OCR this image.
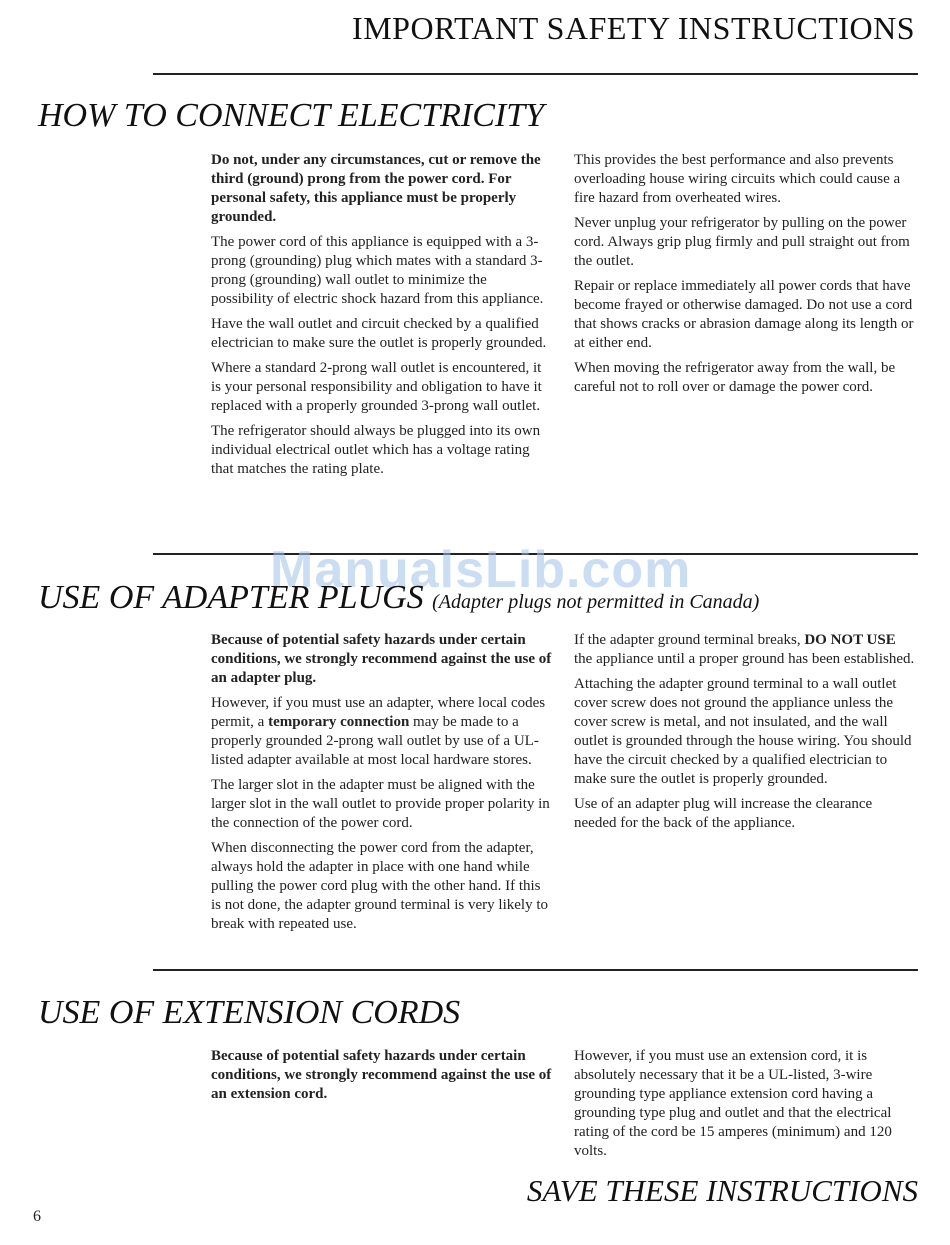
IMPORTANT SAFETY INSTRUCTIONS
HOW TO CONNECT ELECTRICITY

Do not, under any circumstances, cut or remove the third (ground) prong from the power cord. For personal safety, this appliance must be properly grounded.

The power cord of this appliance is equipped with a 3-prong (grounding) plug which mates with a standard 3-prong (grounding) wall outlet to minimize the possibility of electric shock hazard from this appliance.

Have the wall outlet and circuit checked by a qualified electrician to make sure the outlet is properly grounded.

Where a standard 2-prong wall outlet is encountered, it is your personal responsibility and obligation to have it replaced with a properly grounded 3-prong wall outlet.

The refrigerator should always be plugged into its own individual electrical outlet which has a voltage rating that matches the rating plate.

This provides the best performance and also prevents overloading house wiring circuits which could cause a fire hazard from overheated wires.

Never unplug your refrigerator by pulling on the power cord. Always grip plug firmly and pull straight out from the outlet.

Repair or replace immediately all power cords that have become frayed or otherwise damaged. Do not use a cord that shows cracks or abrasion damage along its length or at either end.

When moving the refrigerator away from the wall, be careful not to roll over or damage the power cord.

ManualsLib.com
USE OF ADAPTER PLUGS (Adapter plugs not permitted in Canada)

Because of potential safety hazards under certain conditions, we strongly recommend against the use of an adapter plug.

However, if you must use an adapter, where local codes permit, a temporary connection may be made to a properly grounded 2-prong wall outlet by use of a UL-listed adapter available at most local hardware stores.

The larger slot in the adapter must be aligned with the larger slot in the wall outlet to provide proper polarity in the connection of the power cord.

When disconnecting the power cord from the adapter, always hold the adapter in place with one hand while pulling the power cord plug with the other hand. If this is not done, the adapter ground terminal is very likely to break with repeated use.

If the adapter ground terminal breaks, DO NOT USE the appliance until a proper ground has been established.

Attaching the adapter ground terminal to a wall outlet cover screw does not ground the appliance unless the cover screw is metal, and not insulated, and the wall outlet is grounded through the house wiring. You should have the circuit checked by a qualified electrician to make sure the outlet is properly grounded.

Use of an adapter plug will increase the clearance needed for the back of the appliance.

USE OF EXTENSION CORDS

Because of potential safety hazards under certain conditions, we strongly recommend against the use of an extension cord.

However, if you must use an extension cord, it is absolutely necessary that it be a UL-listed, 3-wire grounding type appliance extension cord having a grounding type plug and outlet and that the electrical rating of the cord be 15 amperes (minimum) and 120 volts.

SAVE THESE INSTRUCTIONS
6
